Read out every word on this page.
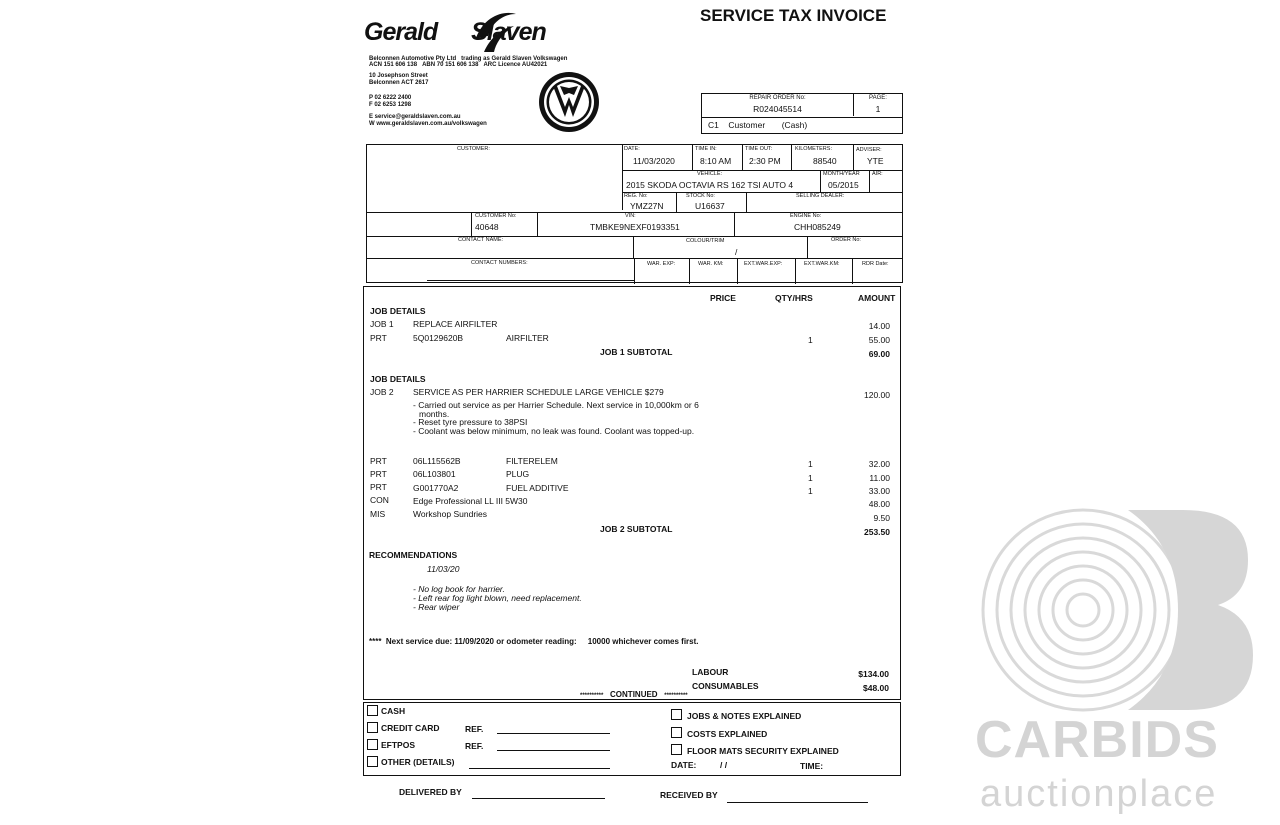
Gerald Slaven
Belconnen Automotive Pty Ltd trading as Gerald Slaven Volkswagen
ACN 151 606 138 ABN 70 151 606 138 ARC Licence AU42021
10 Josephson Street
Belconnen ACT 2617
P 02 6222 2400
F 02 6253 1298
E service@geraldslaven.com.au
W www.geraldslaven.com.au/volkswagen
SERVICE TAX INVOICE
REPAIR ORDER No:
R024045514
PAGE:
1
C1 Customer (Cash)
CUSTOMER:	DATE:
11/03/2020
TIME IN:
8:10 AM
TIME OUT:
2:30 PM
KILOMETERS:
88540
ADVISER:
YTE
VEHICLE:
2015 SKODA OCTAVIA RS 162 TSI AUTO 4
MONTH/YEAR
05/2015
AIR:
REG. No:
YMZ27N
STOCK No:
U16637
SELLING DEALER:
CUSTOMER No:
40648
VIN:
TMBKE9NEXF0193351
ENGINE No:
CHH085249
CONTACT NAME:	COLOUR/TRIM
/
ORDER No:
CONTACT NUMBERS:	WAR. EXP:	WAR. KM:	EXT.WAR.EXP:	EXT.WAR.KM:	RDR Date:
PRICE	QTY/HRS	AMOUNT
JOB DETAILS
JOB 1 REPLACE AIRFILTER	14.00
PRT	5Q0129620B	AIRFILTER	1	55.00
JOB 1 SUBTOTAL	69.00
JOB DETAILS
JOB 2 SERVICE AS PER HARRIER SCHEDULE LARGE VEHICLE $279	120.00
- Carried out service as per Harrier Schedule. Next service in 10,000km or 6
months.
- Reset tyre pressure to 38PSI
- Coolant was below minimum, no leak was found. Coolant was topped-up.
PRT	06L115562B	FILTERELEM	1	32.00
PRT	06L103801	PLUG	1	11.00
PRT	G001770A2	FUEL ADDITIVE	1	33.00
CON	Edge Professional LL III 5W30	48.00
MIS	Workshop Sundries	9.50
JOB 2 SUBTOTAL	253.50
RECOMMENDATIONS
11/03/20
- No log book for harrier.
- Left rear fog light blown, need replacement.
- Rear wiper
**** Next service due: 11/09/2020 or odometer reading: 10000 whichever comes first.
LABOUR	$134.00
CONSUMABLES	$48.00
********** CONTINUED **********
CASH
CREDIT CARD	REF.
EFTPOS	REF.
OTHER (DETAILS)
JOBS & NOTES EXPLAINED
COSTS EXPLAINED
FLOOR MATS SECURITY EXPLAINED
DATE:	/ /	TIME:
DELIVERED BY	RECEIVED BY
CARBIDS
auctionplace
